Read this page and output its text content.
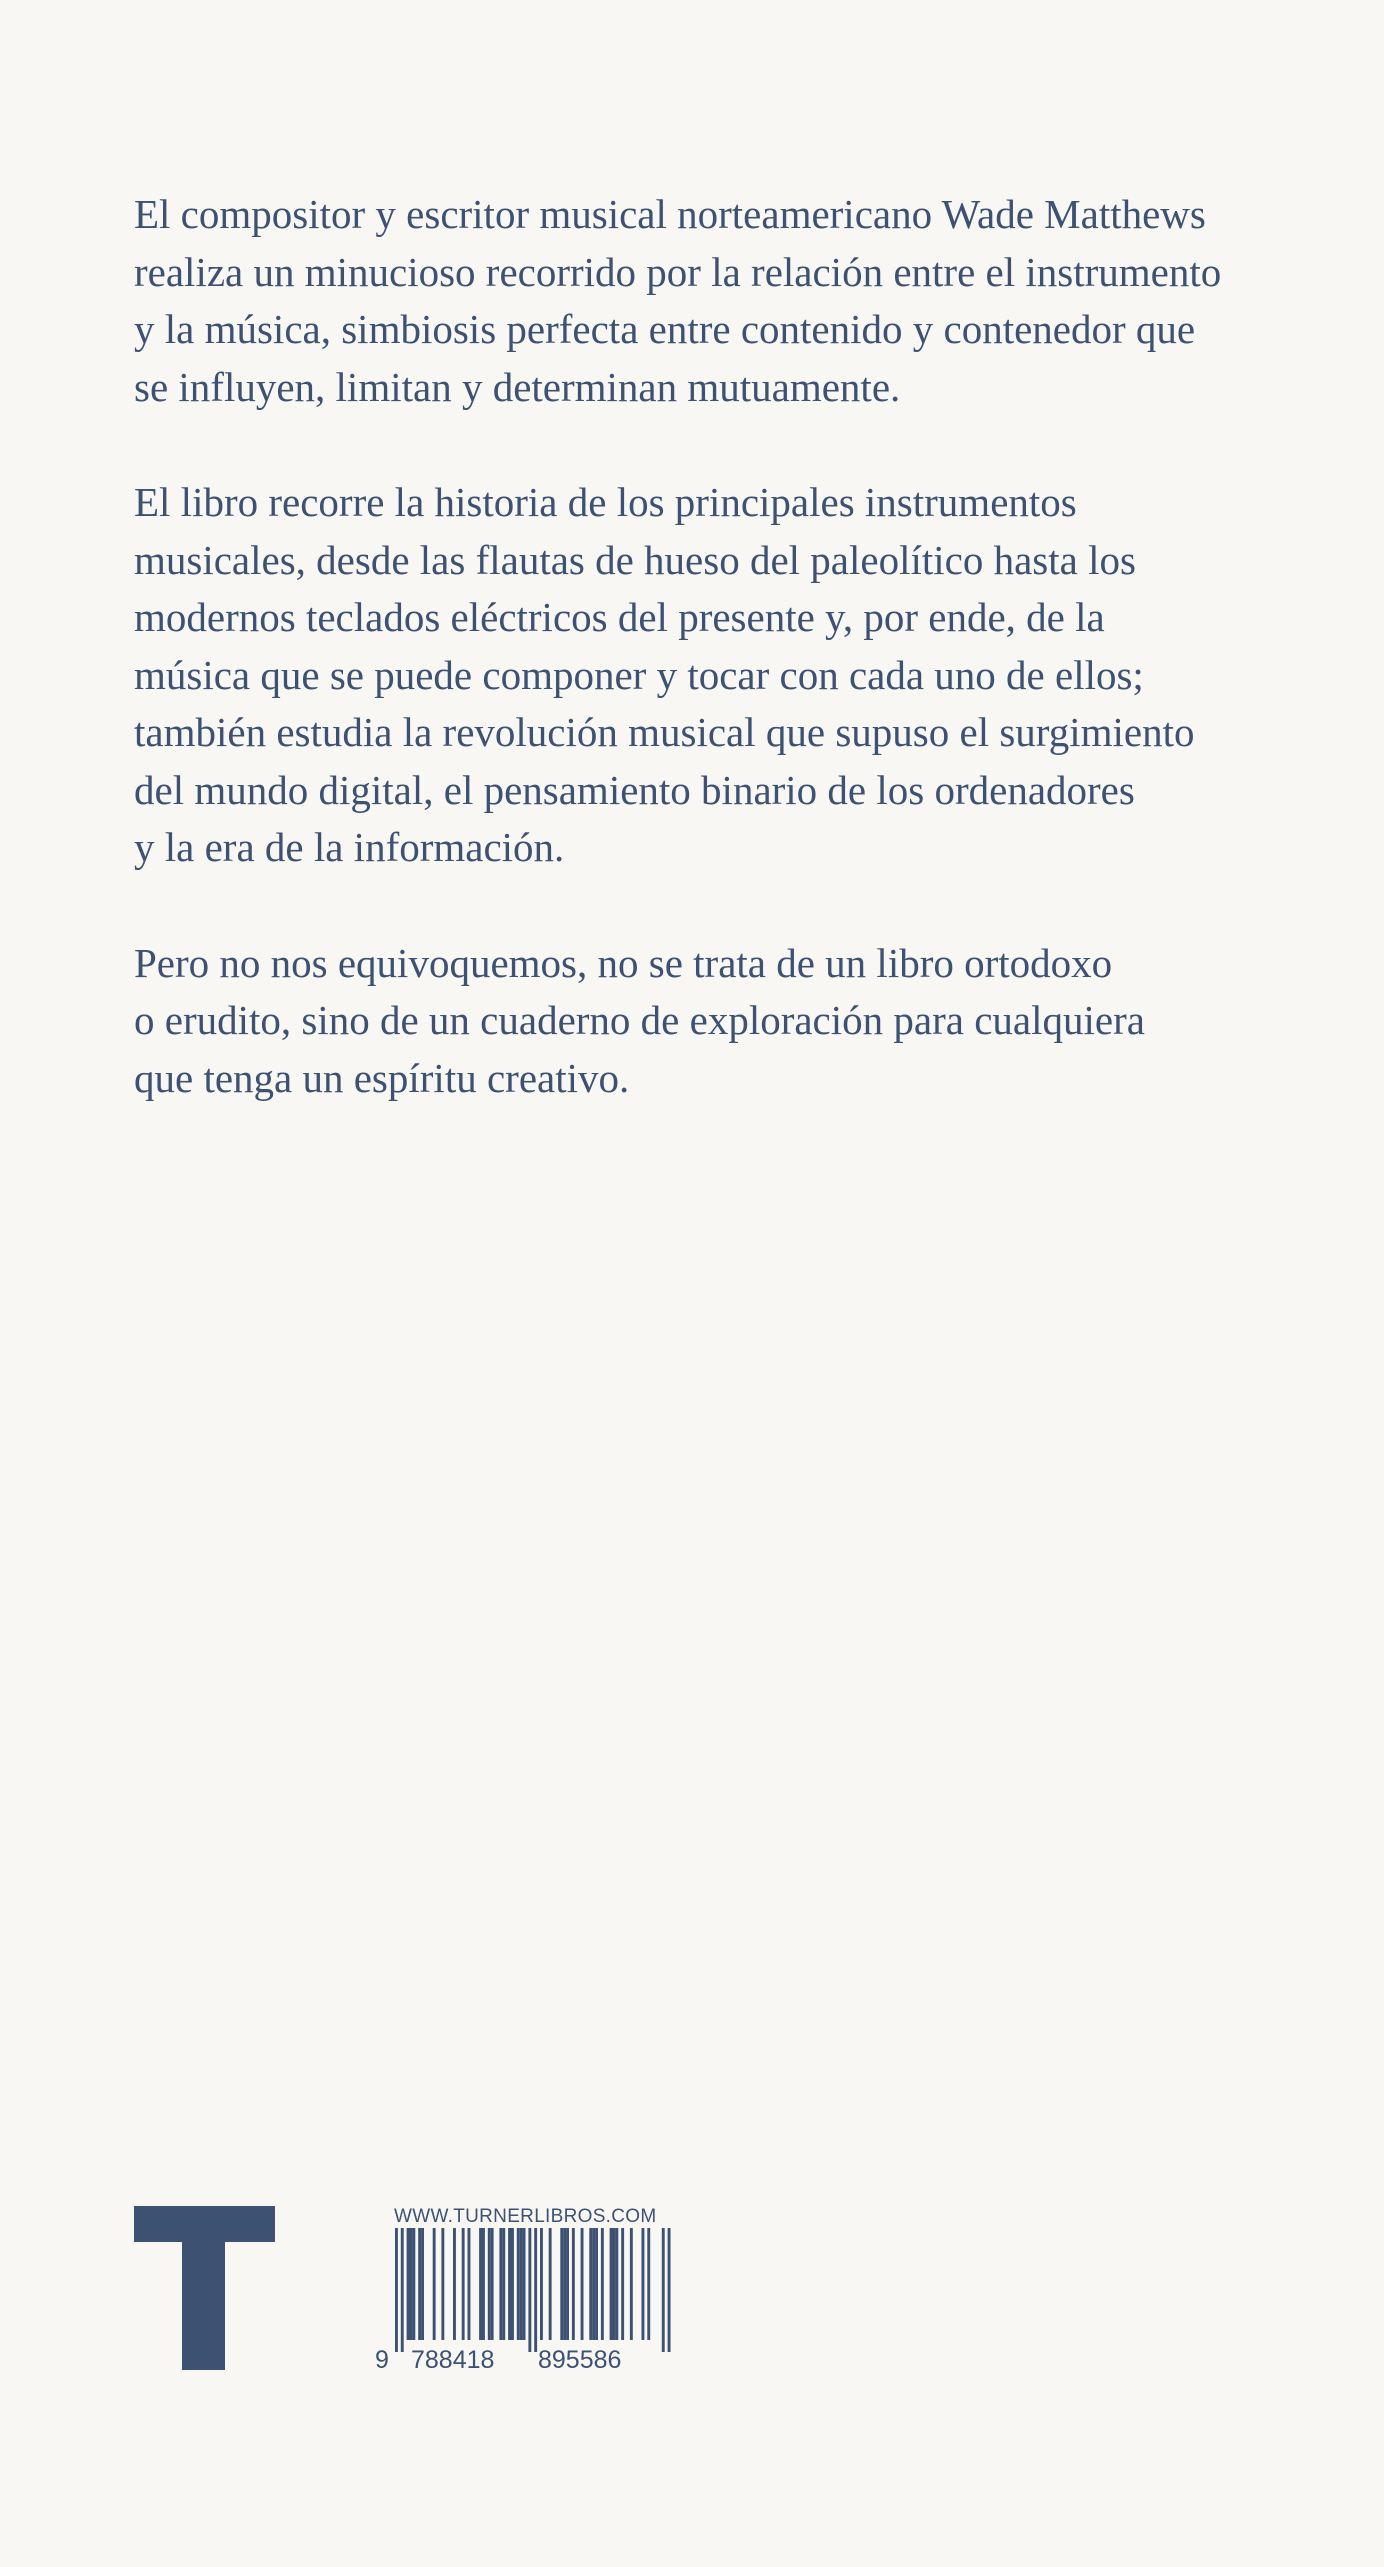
El compositor y escritor musical norteamericano Wade Matthews
realiza un minucioso recorrido por la relación entre el instrumento
y la música, simbiosis perfecta entre contenido y contenedor que
se influyen, limitan y determinan mutuamente.

El libro recorre la historia de los principales instrumentos
musicales, desde las flautas de hueso del paleolítico hasta los
modernos teclados eléctricos del presente y, por ende, de la
música que se puede componer y tocar con cada uno de ellos;
también estudia la revolución musical que supuso el surgimiento
del mundo digital, el pensamiento binario de los ordenadores
y la era de la información.

Pero no nos equivoquemos, no se trata de un libro ortodoxo
o erudito, sino de un cuaderno de exploración para cualquiera
que tenga un espíritu creativo.

WWW.TURNERLIBROS.COM
9 788418 895586
